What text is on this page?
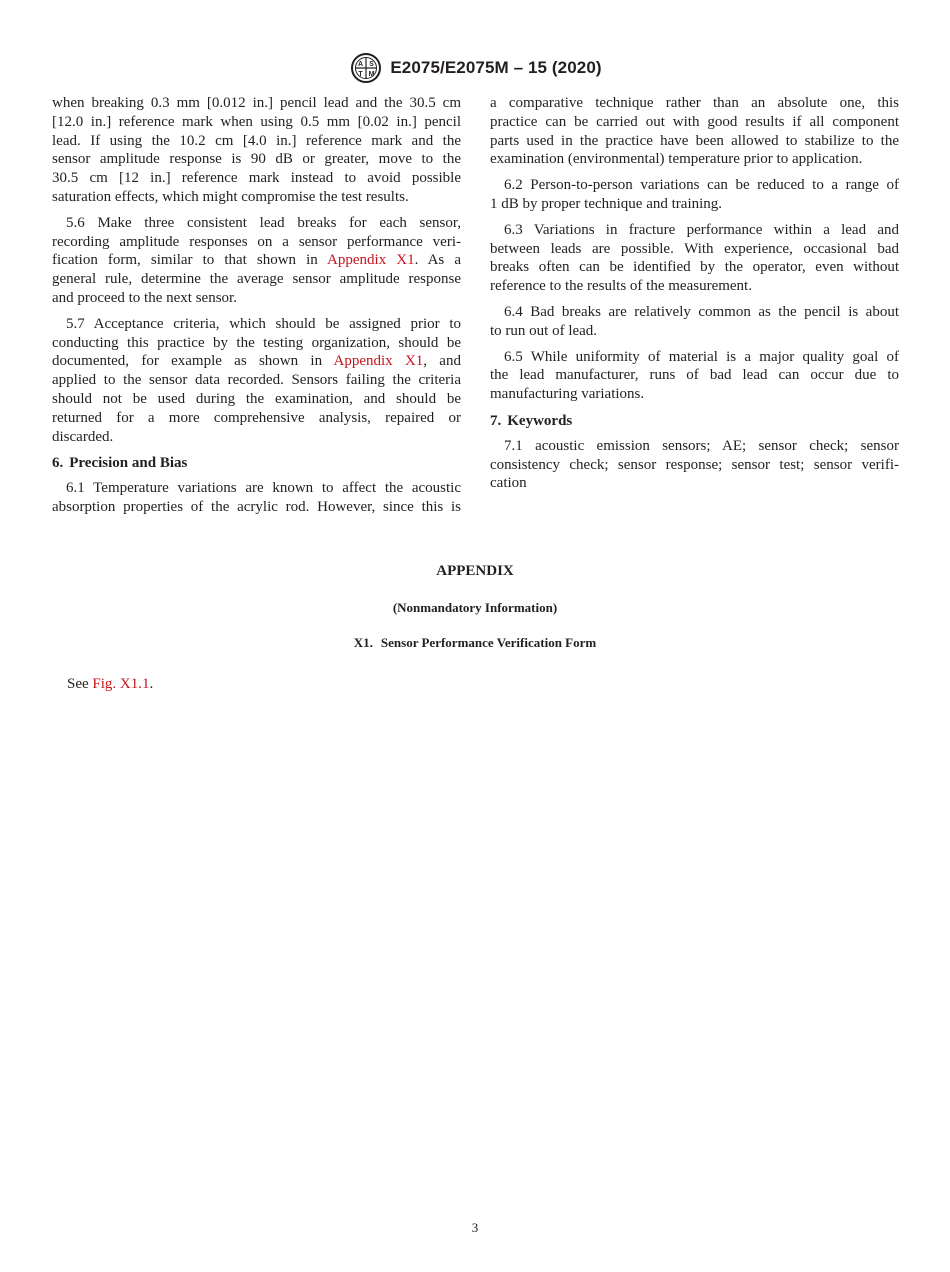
A S
T M E2075/E2075M – 15 (2020)

when breaking 0.3 mm [0.012 in.] pencil lead and the 30.5 cm
[12.0 in.] reference mark when using 0.5 mm [0.02 in.] pencil
lead. If using the 10.2 cm [4.0 in.] reference mark and the
sensor amplitude response is 90 dB or greater, move to the
30.5 cm [12 in.] reference mark instead to avoid possible
saturation effects, which might compromise the test results.

5.6 Make three consistent lead breaks for each sensor,
recording amplitude responses on a sensor performance veri-
fication form, similar to that shown in Appendix X1. As a
general rule, determine the average sensor amplitude response
and proceed to the next sensor.

5.7 Acceptance criteria, which should be assigned prior to
conducting this practice by the testing organization, should be
documented, for example as shown in Appendix X1, and
applied to the sensor data recorded. Sensors failing the criteria
should not be used during the examination, and should be
returned for a more comprehensive analysis, repaired or
discarded.

6. Precision and Bias

6.1 Temperature variations are known to affect the acoustic
absorption properties of the acrylic rod. However, since this is

a comparative technique rather than an absolute one, this
practice can be carried out with good results if all component
parts used in the practice have been allowed to stabilize to the
examination (environmental) temperature prior to application.

6.2 Person-to-person variations can be reduced to a range of
1 dB by proper technique and training.

6.3 Variations in fracture performance within a lead and
between leads are possible. With experience, occasional bad
breaks often can be identified by the operator, even without
reference to the results of the measurement.

6.4 Bad breaks are relatively common as the pencil is about
to run out of lead.

6.5 While uniformity of material is a major quality goal of
the lead manufacturer, runs of bad lead can occur due to
manufacturing variations.

7. Keywords

7.1 acoustic emission sensors; AE; sensor check; sensor
consistency check; sensor response; sensor test; sensor verifi-
cation

APPENDIX
(Nonmandatory Information)
X1. Sensor Performance Verification Form
See Fig. X1.1.
3
